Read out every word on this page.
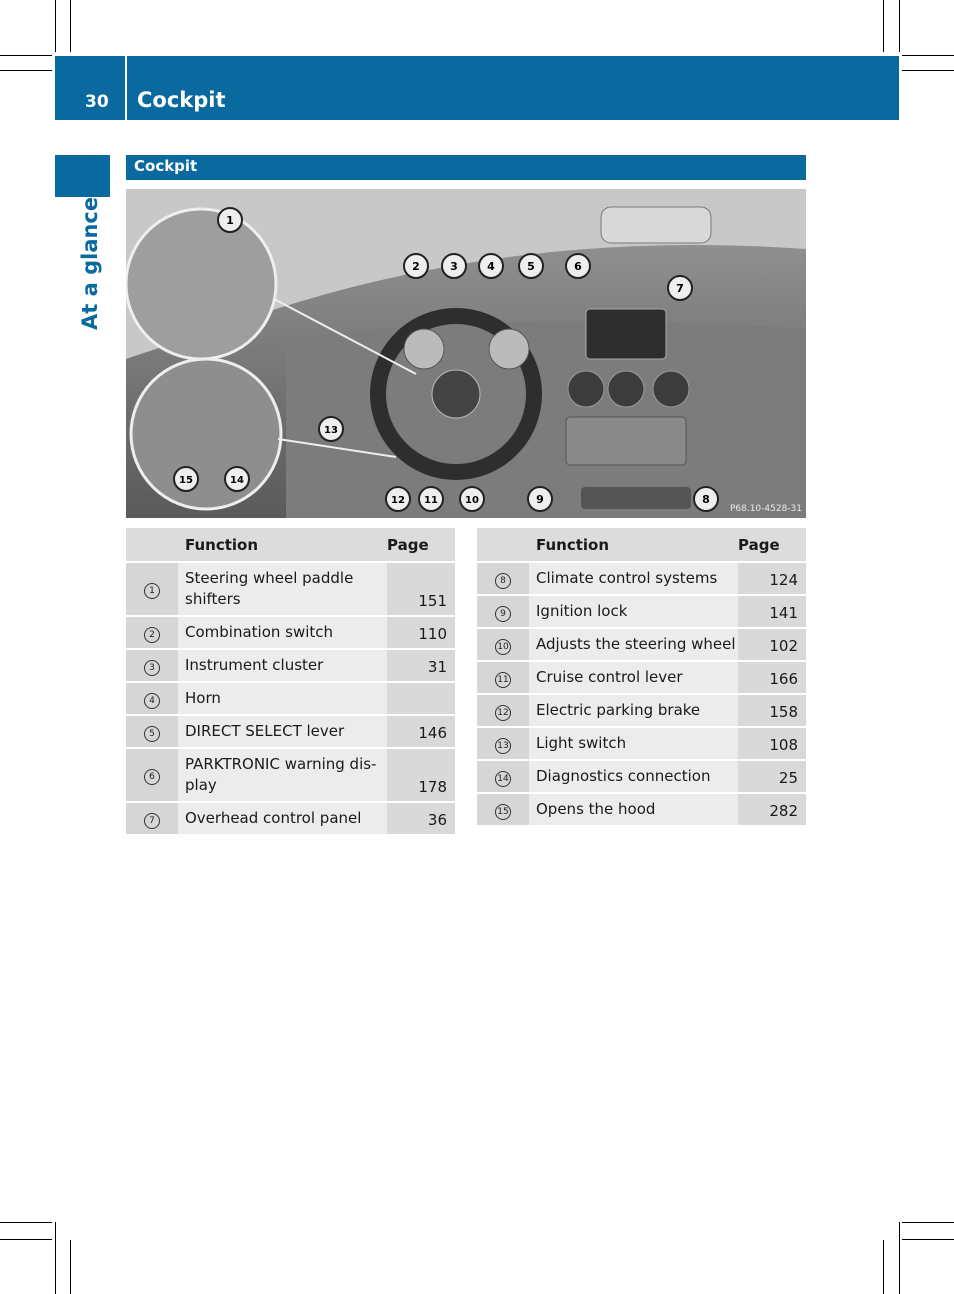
30 Cockpit
At a glance
Cockpit
1
2	3	4	5	6
7
8
9
10
11
12
13
14
15
P68.10-4528-31
	Function	Page
1	Steering wheel paddle shifters	151
2	Combination switch	110
3	Instrument cluster	31
4	Horn	

5	DIRECT SELECT lever	146
6	PARKTRONIC warning dis- play	178
7	Overhead control panel	36
	Function	Page
8	Climate control systems	124
9	Ignition lock	141
10	Adjusts the steering wheel	102
11	Cruise control lever	166
12	Electric parking brake	158
13	Light switch	108
14	Diagnostics connection	25
15	Opens the hood	282
